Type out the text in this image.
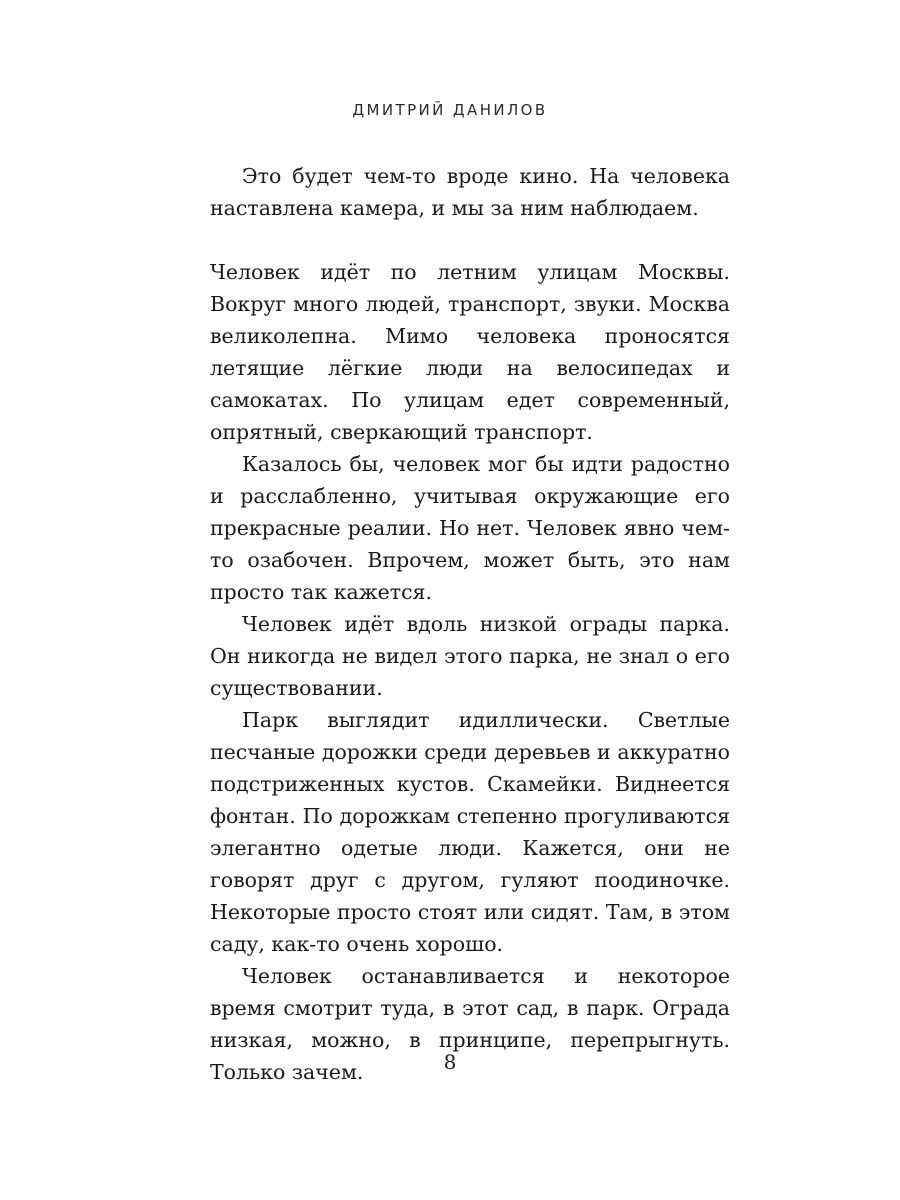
ДМИТРИЙ ДАНИЛОВ

Это будет чем-то вроде кино. На человека наставлена камера, и мы за ним наблюдаем.

Человек идёт по летним улицам Москвы. Вокруг много людей, транспорт, звуки. Москва великолепна. Мимо человека проносятся летящие лёгкие люди на велосипедах и самокатах. По улицам едет современный, опрятный, сверкающий транспорт.

Казалось бы, человек мог бы идти радостно и расслабленно, учитывая окружающие его прекрасные реалии. Но нет. Человек явно чем-то озабочен. Впрочем, может быть, это нам просто так кажется.

Человек идёт вдоль низкой ограды парка. Он никогда не видел этого парка, не знал о его существовании.

Парк выглядит идиллически. Светлые песчаные дорожки среди деревьев и аккуратно подстриженных кустов. Скамейки. Виднеется фонтан. По дорожкам степенно прогуливаются элегантно одетые люди. Кажется, они не говорят друг с другом, гуляют поодиночке. Некоторые просто стоят или сидят. Там, в этом саду, как-то очень хорошо.

Человек останавливается и некоторое время смотрит туда, в этот сад, в парк. Ограда низкая, можно, в принципе, перепрыгнуть. Только зачем.	8
